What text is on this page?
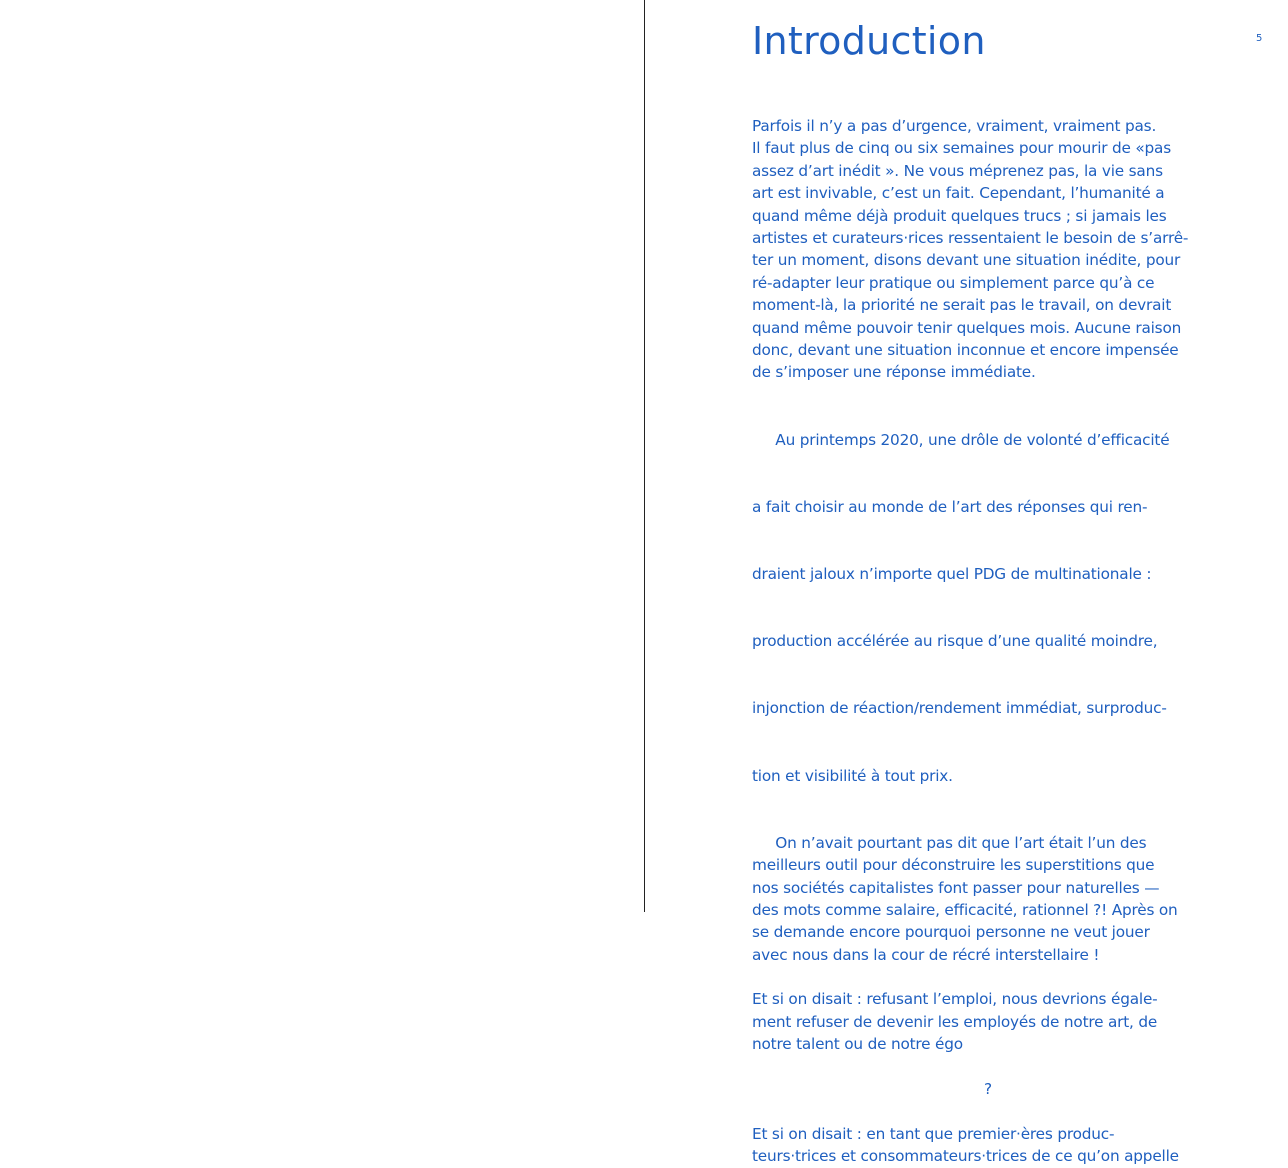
Introduction	5
Parfois il n’y a pas d’urgence, vraiment, vraiment pas.
Il faut plus de cinq ou six semaines pour mourir de «pas
assez d’art inédit ». Ne vous méprenez pas, la vie sans
art est invivable, c’est un fait. Cependant, l’humanité a
quand même déjà produit quelques trucs ; si jamais les
artistes et curateurs·rices ressentaient le besoin de s’arrê-
ter un moment, disons devant une situation inédite, pour
ré-adapter leur pratique ou simplement parce qu’à ce
moment-là, la priorité ne serait pas le travail, on devrait
quand même pouvoir tenir quelques mois. Aucune raison
donc, devant une situation inconnue et encore impensée
de s’imposer une réponse immédiate.

Au printemps 2020, une drôle de volonté d’efficacité

a fait choisir au monde de l’art des réponses qui ren-

draient jaloux n’importe quel PDG de multinationale :

production accélérée au risque d’une qualité moindre,

injonction de réaction/rendement immédiat, surproduc-

tion et visibilité à tout prix.

On n’avait pourtant pas dit que l’art était l’un des
meilleurs outil pour déconstruire les superstitions que
nos sociétés capitalistes font passer pour naturelles —
des mots comme salaire, efficacité, rationnel ?! Après on
se demande encore pourquoi personne ne veut jouer
avec nous dans la cour de récré interstellaire !
Et si on disait : refusant l’emploi, nous devrions égale-
ment refuser de devenir les employés de notre art, de
notre talent ou de notre égo
?
Et si on disait : en tant que premier·ères produc-
teurs·trices et consommateurs·trices de ce qu’on appelle
